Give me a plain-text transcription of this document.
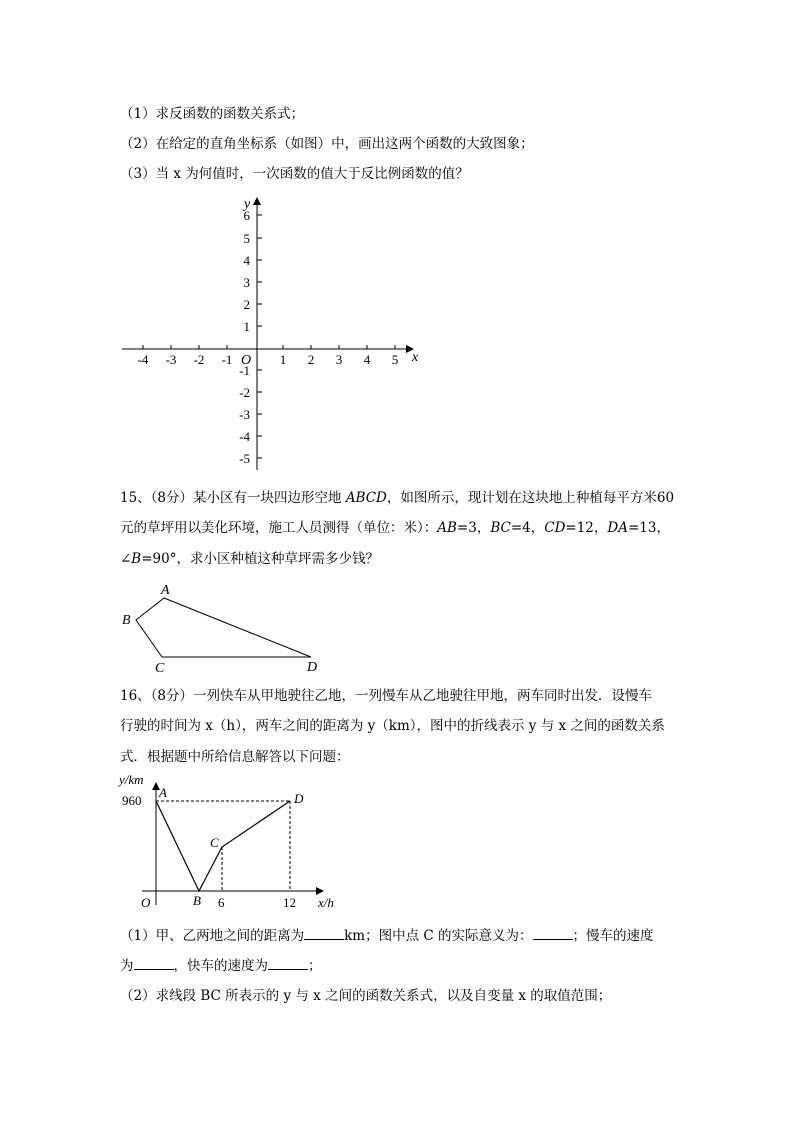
（1）求反函数的函数关系式；
（2）在给定的直角坐标系（如图）中，画出这两个函数的大致图象；
（3）当 x 为何值时，一次函数的值大于反比例函数的值？
-4 -3 -2 -1	1 2 3 4 5
6
5
4
3
2
1
-1
-2
-3
-4
-5
O	x
y
A
B
C	D
y/km
x/h
O
A
B
C
D
960
6	12
15、（8分）某小区有一块四边形空地 ABCD，如图所示，现计划在这块地上种植每平方米60
元的草坪用以美化环境，施工人员测得（单位：米）：AB=3，BC=4，CD=12，DA=13，
∠B=90°，求小区种植这种草坪需多少钱？
16、（8分）一列快车从甲地驶往乙地，一列慢车从乙地驶往甲地，两车同时出发．设慢车
行驶的时间为 x（h），两车之间的距离为 y（km），图中的折线表示 y 与 x 之间的函数关系
式．根据题中所给信息解答以下问题：
（1）甲、乙两地之间的距离为	km；图中点 C 的实际意义为：	；慢车的速度
为	，快车的速度为	；
（2）求线段 BC 所表示的 y 与 x 之间的函数关系式，以及自变量 x 的取值范围；
